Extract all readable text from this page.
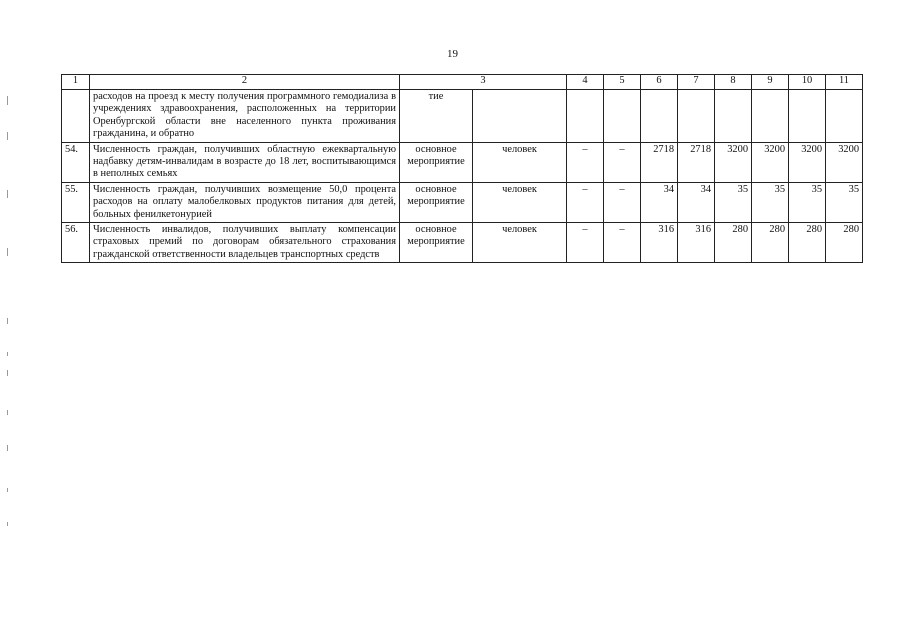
19
1	2	3		4	5	6	7	8	9	10	11
	расходов на проезд к месту получения программного гемодиализа в учреждениях здравоохранения, расположенных на территории Оренбургской области вне населенного пункта проживания гражданина, и обратно	тие									
54.	Численность граждан, получивших областную ежеквартальную надбавку детям-инвалидам в возрасте до 18 лет, воспитывающимся в неполных семьях	основное мероприятие	человек	–	–	2718	2718	3200	3200	3200	3200
55.	Численность граждан, получивших возмещение 50,0 процента расходов на оплату малобелковых продуктов питания для детей, больных фенилкетонурией	основное мероприятие	человек	–	–	34	34	35	35	35	35
56.	Численность инвалидов, получивших выплату компенсации страховых премий по договорам обязательного страхования гражданской ответственности владельцев транспортных средств	основное мероприятие	человек	–	–	316	316	280	280	280	280
